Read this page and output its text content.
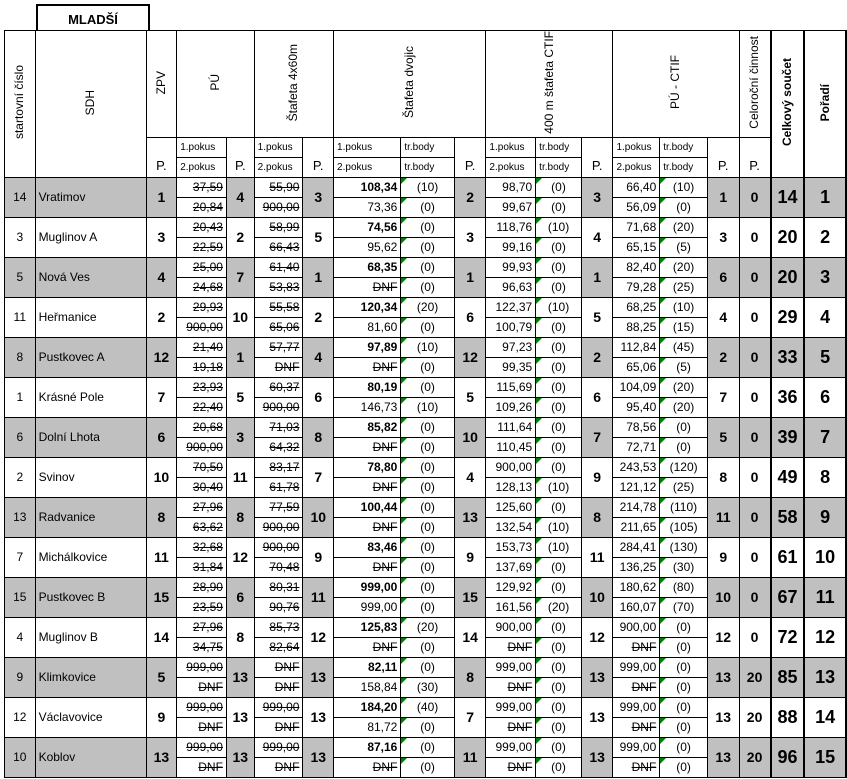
MLADŠÍ
startovní číslo	SDH	ZPV	PÚ		Štafeta 4x60m		Štafeta dvojic			400 m štafeta CTIF			PÚ - CTIF			Celoroční činnost	Celkový součet	Pořadí
		P.	1.pokus	P.	1.pokus	P.	1.pokus	tr.body	P.	1.pokus	tr.body	P.	1.pokus	tr.body	P.	P.		
			2.pokus		2.pokus		2.pokus	tr.body		2.pokus	tr.body		2.pokus	tr.body				
14	Vratimov	1	37,59	4	55,90	3	108,34	(10)	2	98,70	(0)	3	66,40	(10)	1	0	14	1
			20,84		900,00		73,36	(0)		99,67	(0)		56,09	(0)				
3	Muglinov A	3	20,43	2	58,99	5	74,56	(0)	3	118,76	(10)	4	71,68	(20)	3	0	20	2
			22,59		66,43		95,62	(0)		99,16	(0)		65,15	(5)				
5	Nová Ves	4	25,00	7	61,40	1	68,35	(0)	1	99,93	(0)	1	82,40	(20)	6	0	20	3
			24,68		53,83		DNF	(0)		96,63	(0)		79,28	(25)				
11	Heřmanice	2	29,93	10	55,58	2	120,34	(20)	6	122,37	(10)	5	68,25	(10)	4	0	29	4
			900,00		65,06		81,60	(0)		100,79	(0)		88,25	(15)				
8	Pustkovec A	12	21,40	1	57,77	4	97,89	(10)	12	97,23	(0)	2	112,84	(45)	2	0	33	5
			19,18		DNF		DNF	(0)		99,35	(0)		65,06	(5)				
1	Krásné Pole	7	23,93	5	60,37	6	80,19	(0)	5	115,69	(0)	6	104,09	(20)	7	0	36	6
			22,40		900,00		146,73	(10)		109,26	(0)		95,40	(20)				
6	Dolní Lhota	6	20,68	3	71,03	8	85,82	(0)	10	111,64	(0)	7	78,56	(0)	5	0	39	7
			900,00		64,32		DNF	(0)		110,45	(0)		72,71	(0)				
2	Svinov	10	70,50	11	83,17	7	78,80	(0)	4	900,00	(0)	9	243,53	(120)	8	0	49	8
			30,40		61,78		DNF	(0)		128,13	(10)		121,12	(25)				
13	Radvanice	8	27,96	8	77,59	10	100,44	(0)	13	125,60	(0)	8	214,78	(110)	11	0	58	9
			63,62		900,00		DNF	(0)		132,54	(10)		211,65	(105)				
7	Michálkovice	11	32,68	12	900,00	9	83,46	(0)	9	153,73	(10)	11	284,41	(130)	9	0	61	10
			31,84		70,48		DNF	(0)		137,69	(0)		136,25	(30)				
15	Pustkovec B	15	28,90	6	80,31	11	999,00	(0)	15	129,92	(0)	10	180,62	(80)	10	0	67	11
			23,59		90,76		999,00	(0)		161,56	(20)		160,07	(70)				
4	Muglinov B	14	27,96	8	85,73	12	125,83	(20)	14	900,00	(0)	12	900,00	(0)	12	0	72	12
			34,75		82,64		DNF	(0)		DNF	(0)		DNF	(0)				
9	Klimkovice	5	999,00	13	DNF	13	82,11	(0)	8	999,00	(0)	13	999,00	(0)	13	20	85	13
			DNF		DNF		158,84	(30)		DNF	(0)		DNF	(0)				
12	Václavovice	9	999,00	13	999,00	13	184,20	(40)	7	999,00	(0)	13	999,00	(0)	13	20	88	14
			DNF		DNF		81,72	(0)		DNF	(0)		DNF	(0)				
10	Koblov	13	999,00	13	999,00	13	87,16	(0)	11	999,00	(0)	13	999,00	(0)	13	20	96	15
			DNF		DNF		DNF	(0)		DNF	(0)		DNF	(0)				
